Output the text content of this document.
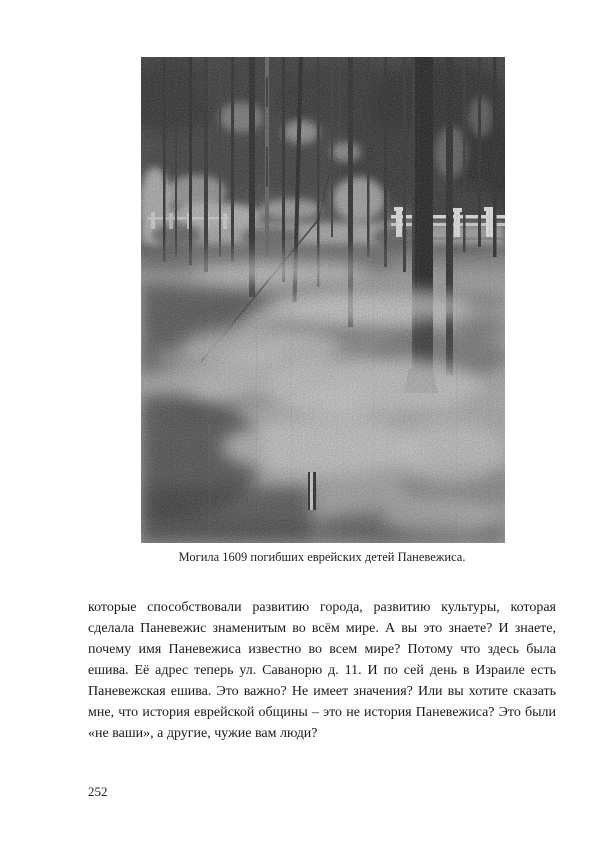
Могила 1609 погибших еврейских детей Паневежиса.

которые способствовали развитию города, развитию культуры, которая сделала Паневежис знаменитым во всём мире. А вы это знаете? И знаете, почему имя Паневежиса известно во всем мире? Потому что здесь была ешива. Её адрес теперь ул. Саванорю д. 11. И по сей день в Израиле есть Паневежская ешива. Это важно? Не имеет значения? Или вы хотите сказать мне, что история еврейской общины – это не история Паневежиса? Это были «не ваши», а другие, чужие вам люди?

252
